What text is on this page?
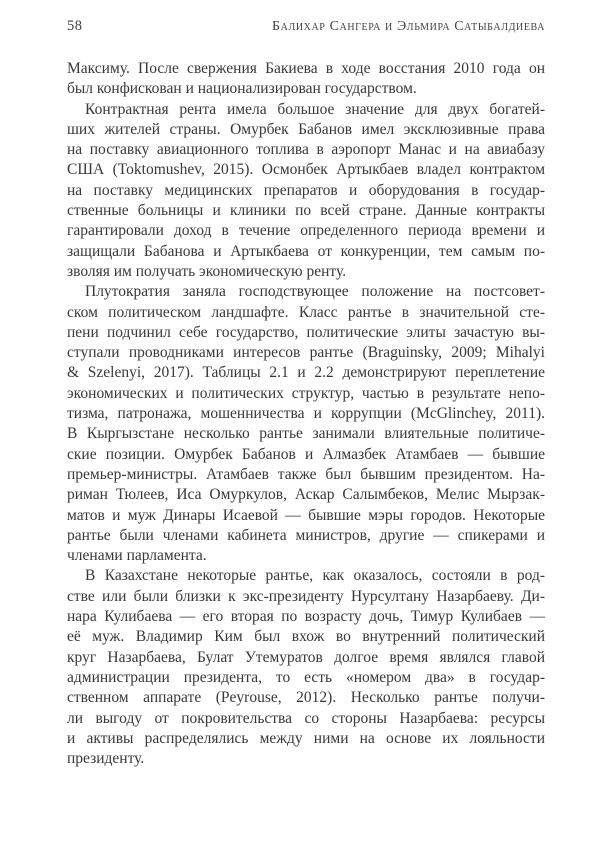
58	Балихар Сангера и Эльмира Сатыбалдиева
Максиму. После свержения Бакиева в ходе восстания 2010 года он
был конфискован и национализирован государством.
Контрактная рента имела большое значение для двух богатей-
ших жителей страны. Омурбек Бабанов имел эксклюзивные права
на поставку авиационного топлива в аэропорт Манас и на авиабазу
США (Toktomushev, 2015). Осмонбек Артыкбаев владел контрактом
на поставку медицинских препаратов и оборудования в государ-
ственные больницы и клиники по всей стране. Данные контракты
гарантировали доход в течение определенного периода времени и
защищали Бабанова и Артыкбаева от конкуренции, тем самым по-
зволяя им получать экономическую ренту.
Плутократия заняла господствующее положение на постсовет-
ском политическом ландшафте. Класс рантье в значительной сте-
пени подчинил себе государство, политические элиты зачастую вы-
ступали проводниками интересов рантье (Braguinsky, 2009; Mihalyi
& Szelenyi, 2017). Таблицы 2.1 и 2.2 демонстрируют переплетение
экономических и политических структур, частью в результате непо-
тизма, патронажа, мошенничества и коррупции (McGlinchey, 2011).
В Кыргызстане несколько рантье занимали влиятельные политиче-
ские позиции. Омурбек Бабанов и Алмазбек Атамбаев — бывшие
премьер-министры. Атамбаев также был бывшим президентом. На-
риман Тюлеев, Иса Омуркулов, Аскар Салымбеков, Мелис Мырзак-
матов и муж Динары Исаевой — бывшие мэры городов. Некоторые
рантье были членами кабинета министров, другие — спикерами и
членами парламента.
В Казахстане некоторые рантье, как оказалось, состояли в род-
стве или были близки к экс-президенту Нурсултану Назарбаеву. Ди-
нара Кулибаева — его вторая по возрасту дочь, Тимур Кулибаев —
её муж. Владимир Ким был вхож во внутренний политический
круг Назарбаева, Булат Утемуратов долгое время являлся главой
администрации президента, то есть «номером два» в государ-
ственном аппарате (Peyrouse, 2012). Несколько рантье получи-
ли выгоду от покровительства со стороны Назарбаева: ресурсы
и активы распределялись между ними на основе их лояльности
президенту.
